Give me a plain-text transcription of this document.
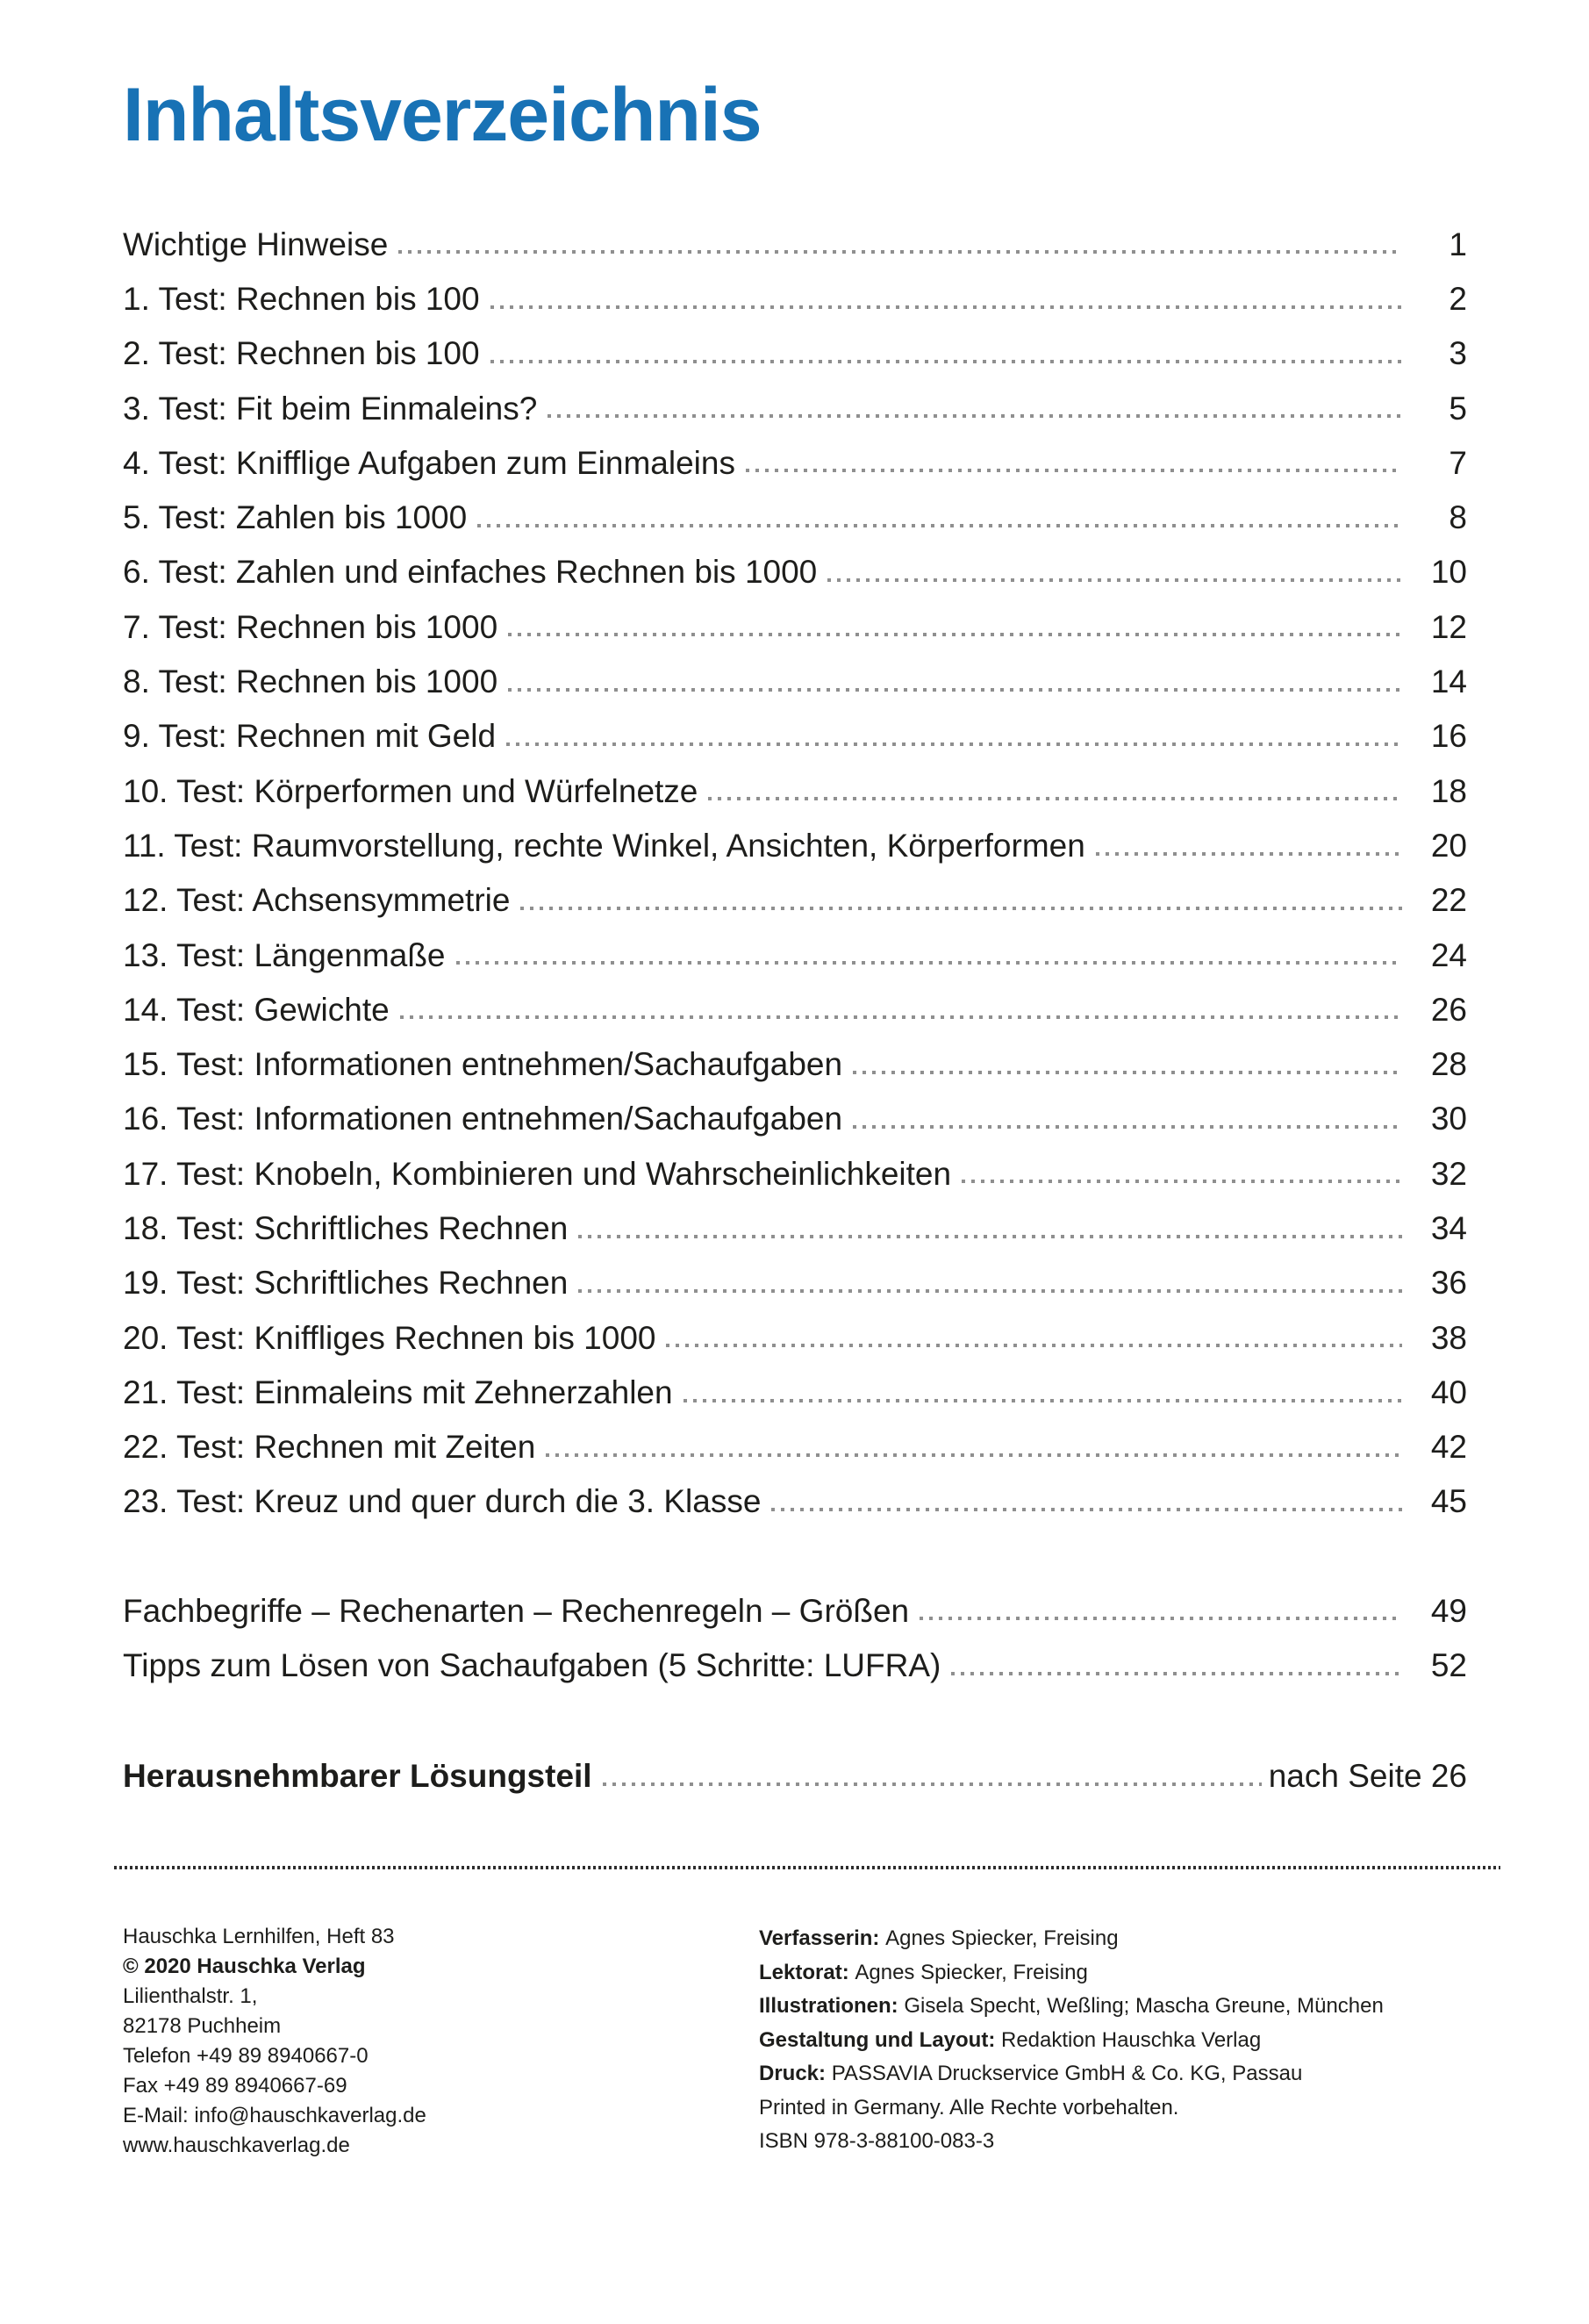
Inhaltsverzeichnis
Wichtige Hinweise	1
1. Test: Rechnen bis 100	2
2. Test: Rechnen bis 100	3
3. Test: Fit beim Einmaleins?	5
4. Test: Knifflige Aufgaben zum Einmaleins	7
5. Test: Zahlen bis 1000	8
6. Test: Zahlen und einfaches Rechnen bis 1000	10
7. Test: Rechnen bis 1000	12
8. Test: Rechnen bis 1000	14
9. Test: Rechnen mit Geld	16
10. Test: Körperformen und Würfelnetze	18
11. Test: Raumvorstellung, rechte Winkel, Ansichten, Körperformen	20
12. Test: Achsensymmetrie	22
13. Test: Längenmaße	24
14. Test: Gewichte	26
15. Test: Informationen entnehmen/Sachaufgaben	28
16. Test: Informationen entnehmen/Sachaufgaben	30
17. Test: Knobeln, Kombinieren und Wahrscheinlichkeiten	32
18. Test: Schriftliches Rechnen	34
19. Test: Schriftliches Rechnen	36
20. Test: Kniffliges Rechnen bis 1000	38
21. Test: Einmaleins mit Zehnerzahlen	40
22. Test: Rechnen mit Zeiten	42
23. Test: Kreuz und quer durch die 3. Klasse	45
Fachbegriffe – Rechenarten – Rechenregeln – Größen	49
Tipps zum Lösen von Sachaufgaben (5 Schritte: LUFRA)	52
Herausnehmbarer Lösungsteil	nach Seite 26
Hauschka Lernhilfen, Heft 83
© 2020 Hauschka Verlag
Lilienthalstr. 1,
82178 Puchheim
Telefon +49 89 8940667-0
Fax +49 89 8940667-69
E-Mail: info@hauschkaverlag.de
www.hauschkaverlag.de
Verfasserin: Agnes Spiecker, Freising
Lektorat: Agnes Spiecker, Freising
Illustrationen: Gisela Specht, Weßling; Mascha Greune, München
Gestaltung und Layout: Redaktion Hauschka Verlag
Druck: PASSAVIA Druckservice GmbH & Co. KG, Passau
Printed in Germany. Alle Rechte vorbehalten.
ISBN 978-3-88100-083-3
